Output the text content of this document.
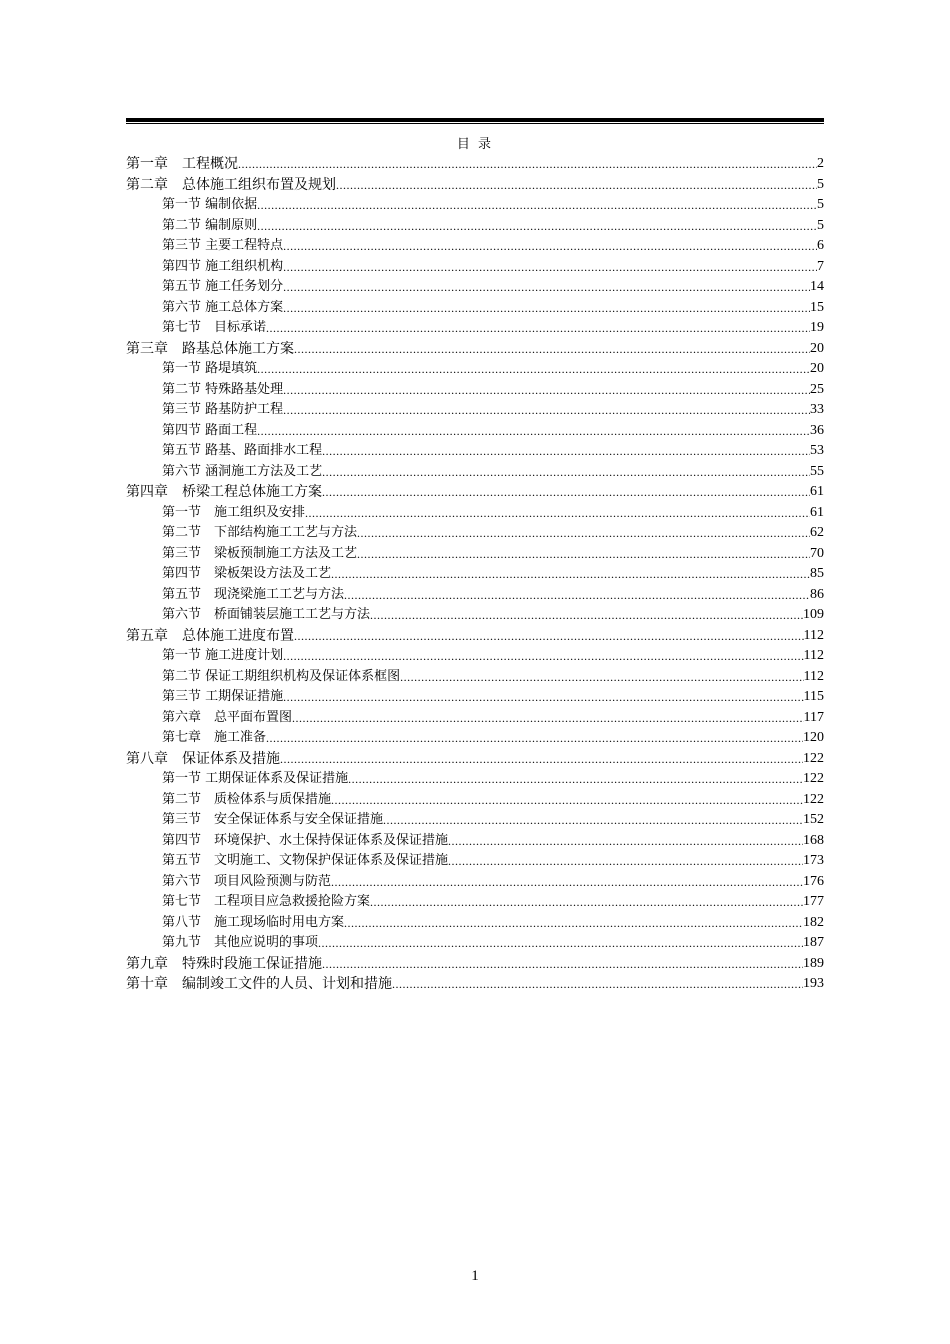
目 录
第一章　工程概况 .....	2
第二章　总体施工组织布置及规划 .....	5
第一节 编制依据 .....	5
第二节 编制原则 .....	5
第三节 主要工程特点 .....	6
第四节 施工组织机构 .....	7
第五节 施工任务划分 .....	14
第六节 施工总体方案 .....	15
第七节　目标承诺 .....	19
第三章　路基总体施工方案 .....	20
第一节 路堤填筑 .....	20
第二节 特殊路基处理 .....	25
第三节 路基防护工程 .....	33
第四节 路面工程 .....	36
第五节 路基、路面排水工程 .....	53
第六节 涵洞施工方法及工艺 .....	55
第四章　桥梁工程总体施工方案 .....	61
第一节　施工组织及安排 .....	61
第二节　下部结构施工工艺与方法 .....	62
第三节　梁板预制施工方法及工艺 .....	70
第四节　梁板架设方法及工艺 .....	85
第五节　现浇梁施工工艺与方法 .....	86
第六节　桥面铺装层施工工艺与方法 .....	109
第五章　总体施工进度布置 .....	112
第一节 施工进度计划 .....	112
第二节 保证工期组织机构及保证体系框图 .....	112
第三节 工期保证措施 .....	115
第六章　总平面布置图 .....	117
第七章　施工准备 .....	120
第八章　保证体系及措施 .....	122
第一节 工期保证体系及保证措施 .....	122
第二节　质检体系与质保措施 .....	122
第三节　安全保证体系与安全保证措施 .....	152
第四节　环境保护、水土保持保证体系及保证措施 .....	168
第五节　文明施工、文物保护保证体系及保证措施 .....	173
第六节　项目风险预测与防范 .....	176
第七节　工程项目应急救援抢险方案 .....	177
第八节　施工现场临时用电方案 .....	182
第九节　其他应说明的事项 .....	187
第九章　特殊时段施工保证措施 .....	189
第十章　编制竣工文件的人员、计划和措施 .....	193
1
